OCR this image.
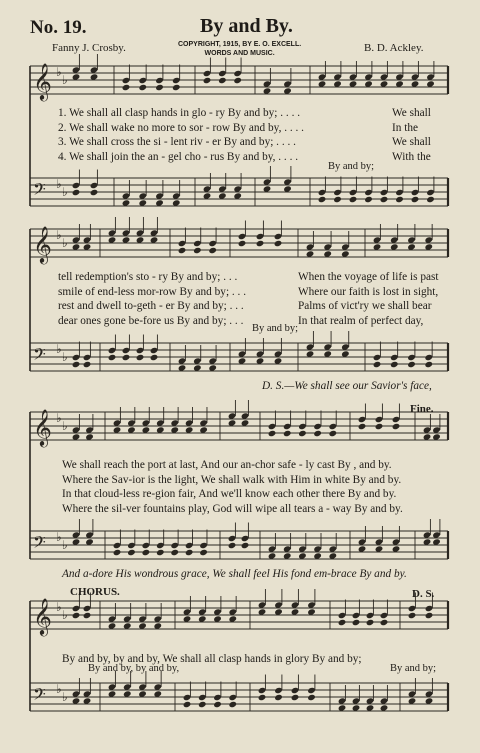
No. 19.	By and By.
COPYRIGHT, 1915, BY E. O. EXCELL.
WORDS AND MUSIC.
Fanny J. Crosby.	B. D. Ackley.
𝄞 ♭
♭
𝄢 ♭
♭
𝄞 ♭
♭
𝄢 ♭
♭
𝄞 ♭
♭
𝄢 ♭
♭
𝄞 ♭
♭
𝄢 ♭
♭
1. We shall all clasp hands in glo - ry By and by; . . . .
2. We shall wake no more to sor - row By and by, . . . .
3. We shall cross the si - lent riv - er By and by; . . . .
4. We shall join the an - gel cho - rus By and by, . . . .
We shall
In the
We shall
With the
By and by;
tell redemption's sto - ry By and by; . . .
smile of end-less mor-row By and by; . . .
rest and dwell to-geth - er By and by; . . .
dear ones gone be-fore us By and by; . . .
When the voyage of life is past
Where our faith is lost in sight,
Palms of vict'ry we shall bear
In that realm of perfect day,
By and by;
D. S.—We shall see our Savior's face,
Fine.
We shall reach the port at last, And our an-chor safe - ly cast By , and by.
Where the Sav-ior is the light, We shall walk with Him in white By and by.
In that cloud-less re-gion fair, And we'll know each other there By and by.
Where the sil-ver fountains play, God will wipe all tears a - way By and by.
And a-dore His wondrous grace, We shall feel His fond em-brace By and by.
CHORUS.	D. S.
By and by, by and by, We shall all clasp hands in glory By and by;
By and by, by and by,	By and by;
